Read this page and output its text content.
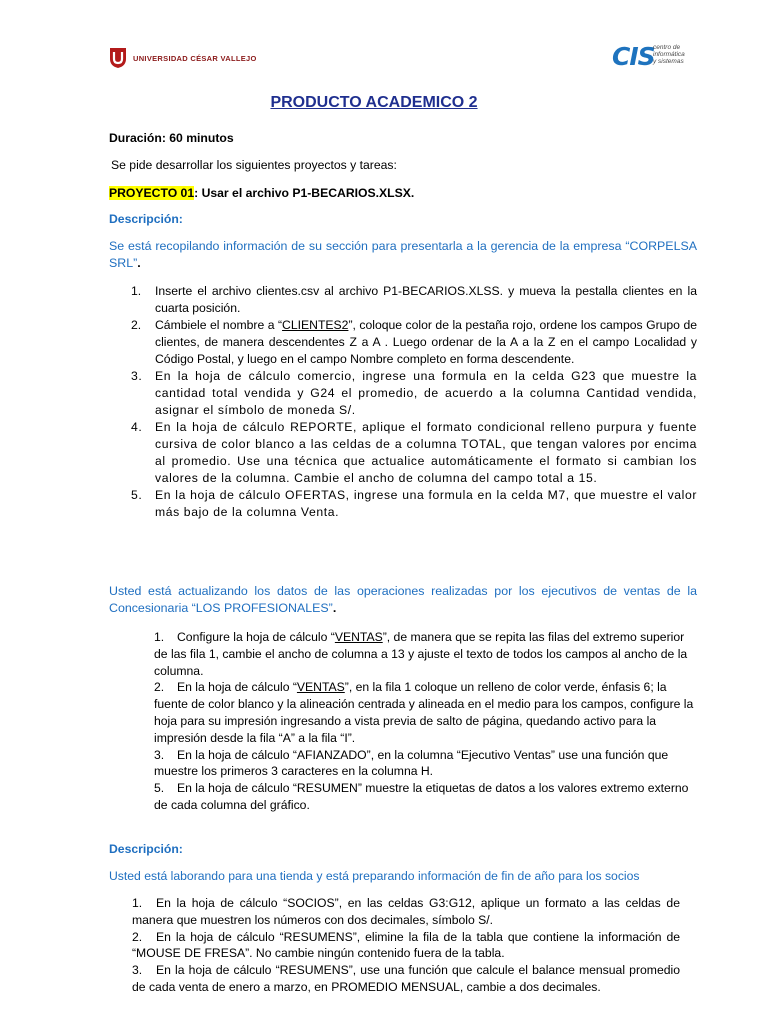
UNIVERSIDAD CÉSAR VALLEJO	CIS
centro de
informática
y sistemas
PRODUCTO ACADEMICO 2
Duración: 60 minutos
Se pide desarrollar los siguientes proyectos y tareas:
PROYECTO 01: Usar el archivo P1-BECARIOS.XLSX.
Descripción:
Se está recopilando información de su sección para presentarla a la gerencia de la empresa “CORPELSA SRL”.
1. Inserte el archivo clientes.csv al archivo P1-BECARIOS.XLSS. y mueva la pestalla clientes en la cuarta posición.
2. Cámbiele el nombre a “CLIENTES2”, coloque color de la pestaña rojo, ordene los campos Grupo de clientes, de manera descendentes Z a A . Luego ordenar de la A a la Z en el campo Localidad y Código Postal, y luego en el campo Nombre completo en forma descendente.
3. En la hoja de cálculo comercio, ingrese una formula en la celda G23 que muestre la cantidad total vendida y G24 el promedio, de acuerdo a la columna Cantidad vendida, asignar el símbolo de moneda S/.
4. En la hoja de cálculo REPORTE, aplique el formato condicional relleno purpura y fuente cursiva de color blanco a las celdas de a columna TOTAL, que tengan valores por encima al promedio. Use una técnica que actualice automáticamente el formato si cambian los valores de la columna. Cambie el ancho de columna del campo total a 15.
5. En la hoja de cálculo OFERTAS, ingrese una formula en la celda M7, que muestre el valor más bajo de la columna Venta.
Usted está actualizando los datos de las operaciones realizadas por los ejecutivos de ventas de la Concesionaria “LOS PROFESIONALES”.
1. Configure la hoja de cálculo “VENTAS”, de manera que se repita las filas del extremo superior de las fila 1, cambie el ancho de columna a 13 y ajuste el texto de todos los campos al ancho de la columna.
2. En la hoja de cálculo “VENTAS”, en la fila 1 coloque un relleno de color verde, énfasis 6; la fuente de color blanco y la alineación centrada y alineada en el medio para los campos, configure la hoja para su impresión ingresando a vista previa de salto de página, quedando activo para la impresión desde la fila “A” a la fila “I”.
3. En la hoja de cálculo “AFIANZADO”, en la columna “Ejecutivo Ventas” use una función que muestre los primeros 3 caracteres en la columna H.
5. En la hoja de cálculo “RESUMEN” muestre la etiquetas de datos a los valores extremo externo de cada columna del gráfico.
Descripción:
Usted está laborando para una tienda y está preparando información de fin de año para los socios
1. En la hoja de cálculo “SOCIOS”, en las celdas G3:G12, aplique un formato a las celdas de manera que muestren los números con dos decimales, símbolo S/.
2. En la hoja de cálculo “RESUMENS”, elimine la fila de la tabla que contiene la información de “MOUSE DE FRESA”. No cambie ningún contenido fuera de la tabla.
3. En la hoja de cálculo “RESUMENS”, use una función que calcule el balance mensual promedio de cada venta de enero a marzo, en PROMEDIO MENSUAL, cambie a dos decimales.
